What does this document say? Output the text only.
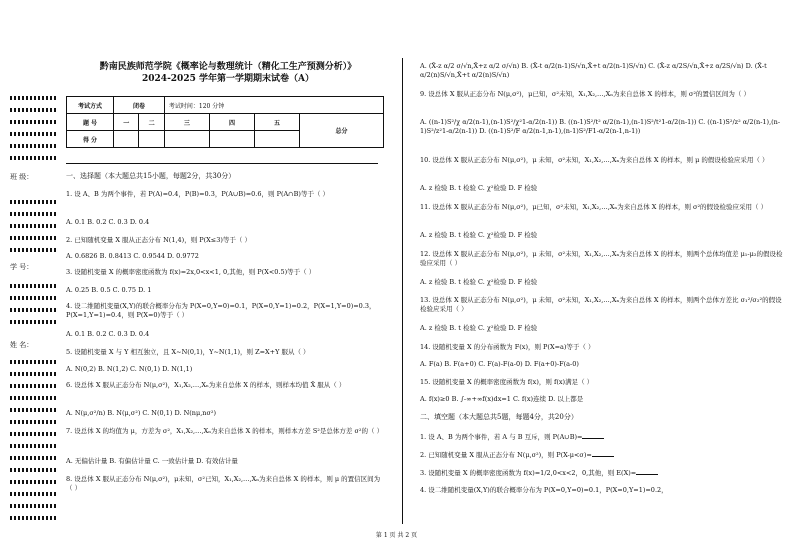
班 级：
学 号：
姓 名：
黔南民族师范学院《概率论与数理统计（精化工生产预测分析）》
2024-2025 学年第一学期期末试卷（A）
考试方式	闭卷		考试时间：120 分钟			
题 号	一	二	三	四	五	总分
得 分						
一、选择题（本大题总共15小题，每题2分，共30分）
1. 设 A、B 为两个事件，若 P(A)=0.4，P(B)=0.3，P(A∪B)=0.6，则 P(A∩B)等于（ ）
A. 0.1 B. 0.2 C. 0.3 D. 0.4
2. 已知随机变量 X 服从正态分布 N(1,4)，则 P(X≤3)等于（ ）
A. 0.6826 B. 0.8413 C. 0.9544 D. 0.9772
3. 设随机变量 X 的概率密度函数为 f(x)=2x,0<x<1, 0,其他，则 P(X<0.5)等于（ ）
A. 0.25 B. 0.5 C. 0.75 D. 1
4. 设二维随机变量(X,Y)的联合概率分布为 P(X=0,Y=0)=0.1，P(X=0,Y=1)=0.2，P(X=1,Y=0)=0.3，P(X=1,Y=1)=0.4，则 P(X=0)等于（ ）
A. 0.1 B. 0.2 C. 0.3 D. 0.4
5. 设随机变量 X 与 Y 相互独立，且 X~N(0,1)，Y~N(1,1)，则 Z=X+Y 服从（ ）
A. N(0,2) B. N(1,2) C. N(0,1) D. N(1,1)
6. 设总体 X 服从正态分布 N(μ,σ²)，X₁,X₂,…,Xₙ为来自总体 X 的样本，则样本均值 X̄ 服从（ ）
A. N(μ,σ²/n) B. N(μ,σ²) C. N(0,1) D. N(nμ,nσ²)
7. 设总体 X 的均值为 μ，方差为 σ²，X₁,X₂,…,Xₙ为来自总体 X 的样本，则样本方差 S²是总体方差 σ²的（ ）
A. 无偏估计量 B. 有偏估计量 C. 一致估计量 D. 有效估计量
8. 设总体 X 服从正态分布 N(μ,σ²)，μ未知，σ²已知，X₁,X₂,…,Xₙ为来自总体 X 的样本，则 μ 的置信区间为（ ）
A. (X̄-z α/2 σ/√n,X̄+z α/2 σ/√n) B. (X̄-t α/2(n-1)S/√n,X̄+t α/2(n-1)S/√n) C. (X̄-z α/2S/√n,X̄+z α/2S/√n) D. (X̄-t α/2(n)S/√n,X̄+t α/2(n)S/√n)
9. 设总体 X 服从正态分布 N(μ,σ²)，μ已知，σ²未知，X₁,X₂,…,Xₙ为来自总体 X 的样本，则 σ²的置信区间为（ ）
A. ((n-1)S²/χ α/2(n-1),(n-1)S²/χ²1-α/2(n-1)) B. ((n-1)S²/t² α/2(n-1),(n-1)S²/t²1-α/2(n-1)) C. ((n-1)S²/z² α/2(n-1),(n-1)S²/z²1-α/2(n-1)) D. ((n-1)S²/F α/2(n-1,n-1),(n-1)S²/F1-α/2(n-1,n-1))
10. 设总体 X 服从正态分布 N(μ,σ²)，μ 未知，σ²未知，X₁,X₂,…,Xₙ为来自总体 X 的样本，则 μ 的假设检验应采用（ ）
A. z 检验 B. t 检验 C. χ²检验 D. F 检验
11. 设总体 X 服从正态分布 N(μ,σ²)，μ已知，σ²未知，X₁,X₂,…,Xₙ为来自总体 X 的样本，则 σ²的假设检验应采用（ ）
A. z 检验 B. t 检验 C. χ²检验 D. F 检验
12. 设总体 X 服从正态分布 N(μ,σ²)，μ 未知，σ²未知，X₁,X₂,…,Xₙ为来自总体 X 的样本，则两个总体均值差 μ₁-μ₂的假设检验应采用（ ）
A. z 检验 B. t 检验 C. χ²检验 D. F 检验
13. 设总体 X 服从正态分布 N(μ,σ²)，μ 未知，σ²未知，X₁,X₂,…,Xₙ为来自总体 X 的样本，则两个总体方差比 σ₁²/σ₂²的假设检验应采用（ ）
A. z 检验 B. t 检验 C. χ²检验 D. F 检验
14. 设随机变量 X 的分布函数为 F(x)，则 P(X=a)等于（ ）
A. F(a) B. F(a+0) C. F(a)-F(a-0) D. F(a+0)-F(a-0)
15. 设随机变量 X 的概率密度函数为 f(x)，则 f(x)满足（ ）
A. f(x)≥0 B. ∫-∞+∞f(x)dx=1 C. f(x)连续 D. 以上都是
二、填空题（本大题总共5题，每题4分，共20分）
1. 设 A、B 为两个事件，若 A 与 B 互斥，则 P(A∪B)=
2. 已知随机变量 X 服从正态分布 N(μ,σ²)，则 P(X-μ<σ)=
3. 设随机变量 X 的概率密度函数为 f(x)=1/2,0<x<2，0,其他，则 E(X)=
4. 设二维随机变量(X,Y)的联合概率分布为 P(X=0,Y=0)=0.1，P(X=0,Y=1)=0.2，
第 1 页 共 2 页
